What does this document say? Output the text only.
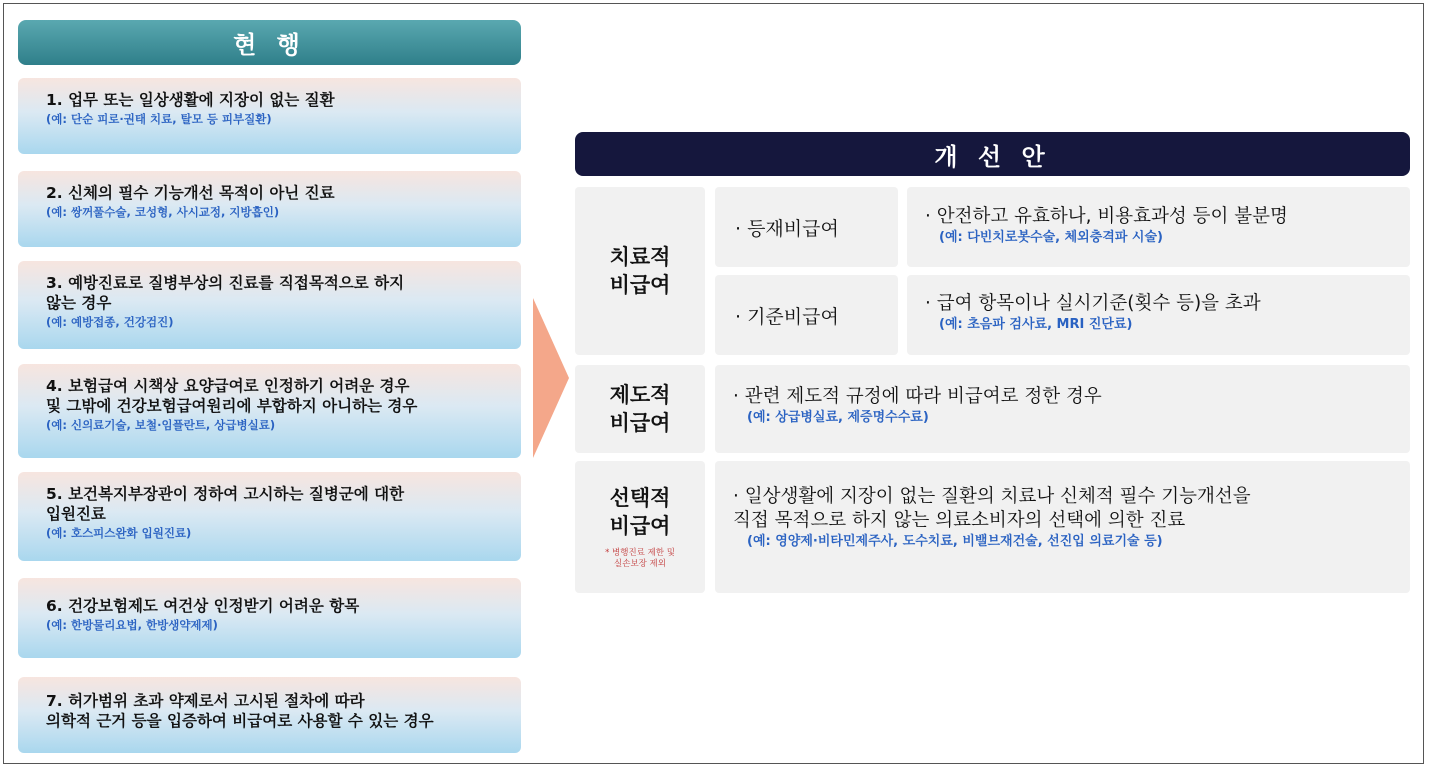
현 행
1. 업무 또는 일상생활에 지장이 없는 질환
(예: 단순 피로·권태 치료, 탈모 등 피부질환)
2. 신체의 필수 기능개선 목적이 아닌 진료
(예: 쌍꺼풀수술, 코성형, 사시교정, 지방흡인)
3. 예방진료로 질병부상의 진료를 직접목적으로 하지
않는 경우
(예: 예방접종, 건강검진)
4. 보험급여 시책상 요양급여로 인정하기 어려운 경우
및 그밖에 건강보험급여원리에 부합하지 아니하는 경우
(예: 신의료기술, 보철·임플란트, 상급병실료)
5. 보건복지부장관이 정하여 고시하는 질병군에 대한
입원진료
(예: 호스피스완화 입원진료)
6. 건강보험제도 여건상 인정받기 어려운 항목
(예: 한방물리요법, 한방생약제제)
7. 허가범위 초과 약제로서 고시된 절차에 따라
의학적 근거 등을 입증하여 비급여로 사용할 수 있는 경우
개 선 안
치료적
비급여
· 등재비급여
· 안전하고 유효하나, 비용효과성 등이 불분명
(예: 다빈치로봇수술, 체외충격파 시술)
· 기준비급여
· 급여 항목이나 실시기준(횟수 등)을 초과
(예: 초음파 검사료, MRI 진단료)
제도적
비급여
· 관련 제도적 규정에 따라 비급여로 정한 경우
(예: 상급병실료, 제증명수수료)
선택적
비급여
* 병행진료 제한 및
실손보장 제외
· 일상생활에 지장이 없는 질환의 치료나 신체적 필수 기능개선을
직접 목적으로 하지 않는 의료소비자의 선택에 의한 진료
(예: 영양제·비타민제주사, 도수치료, 비밸브재건술, 선진입 의료기술 등)
